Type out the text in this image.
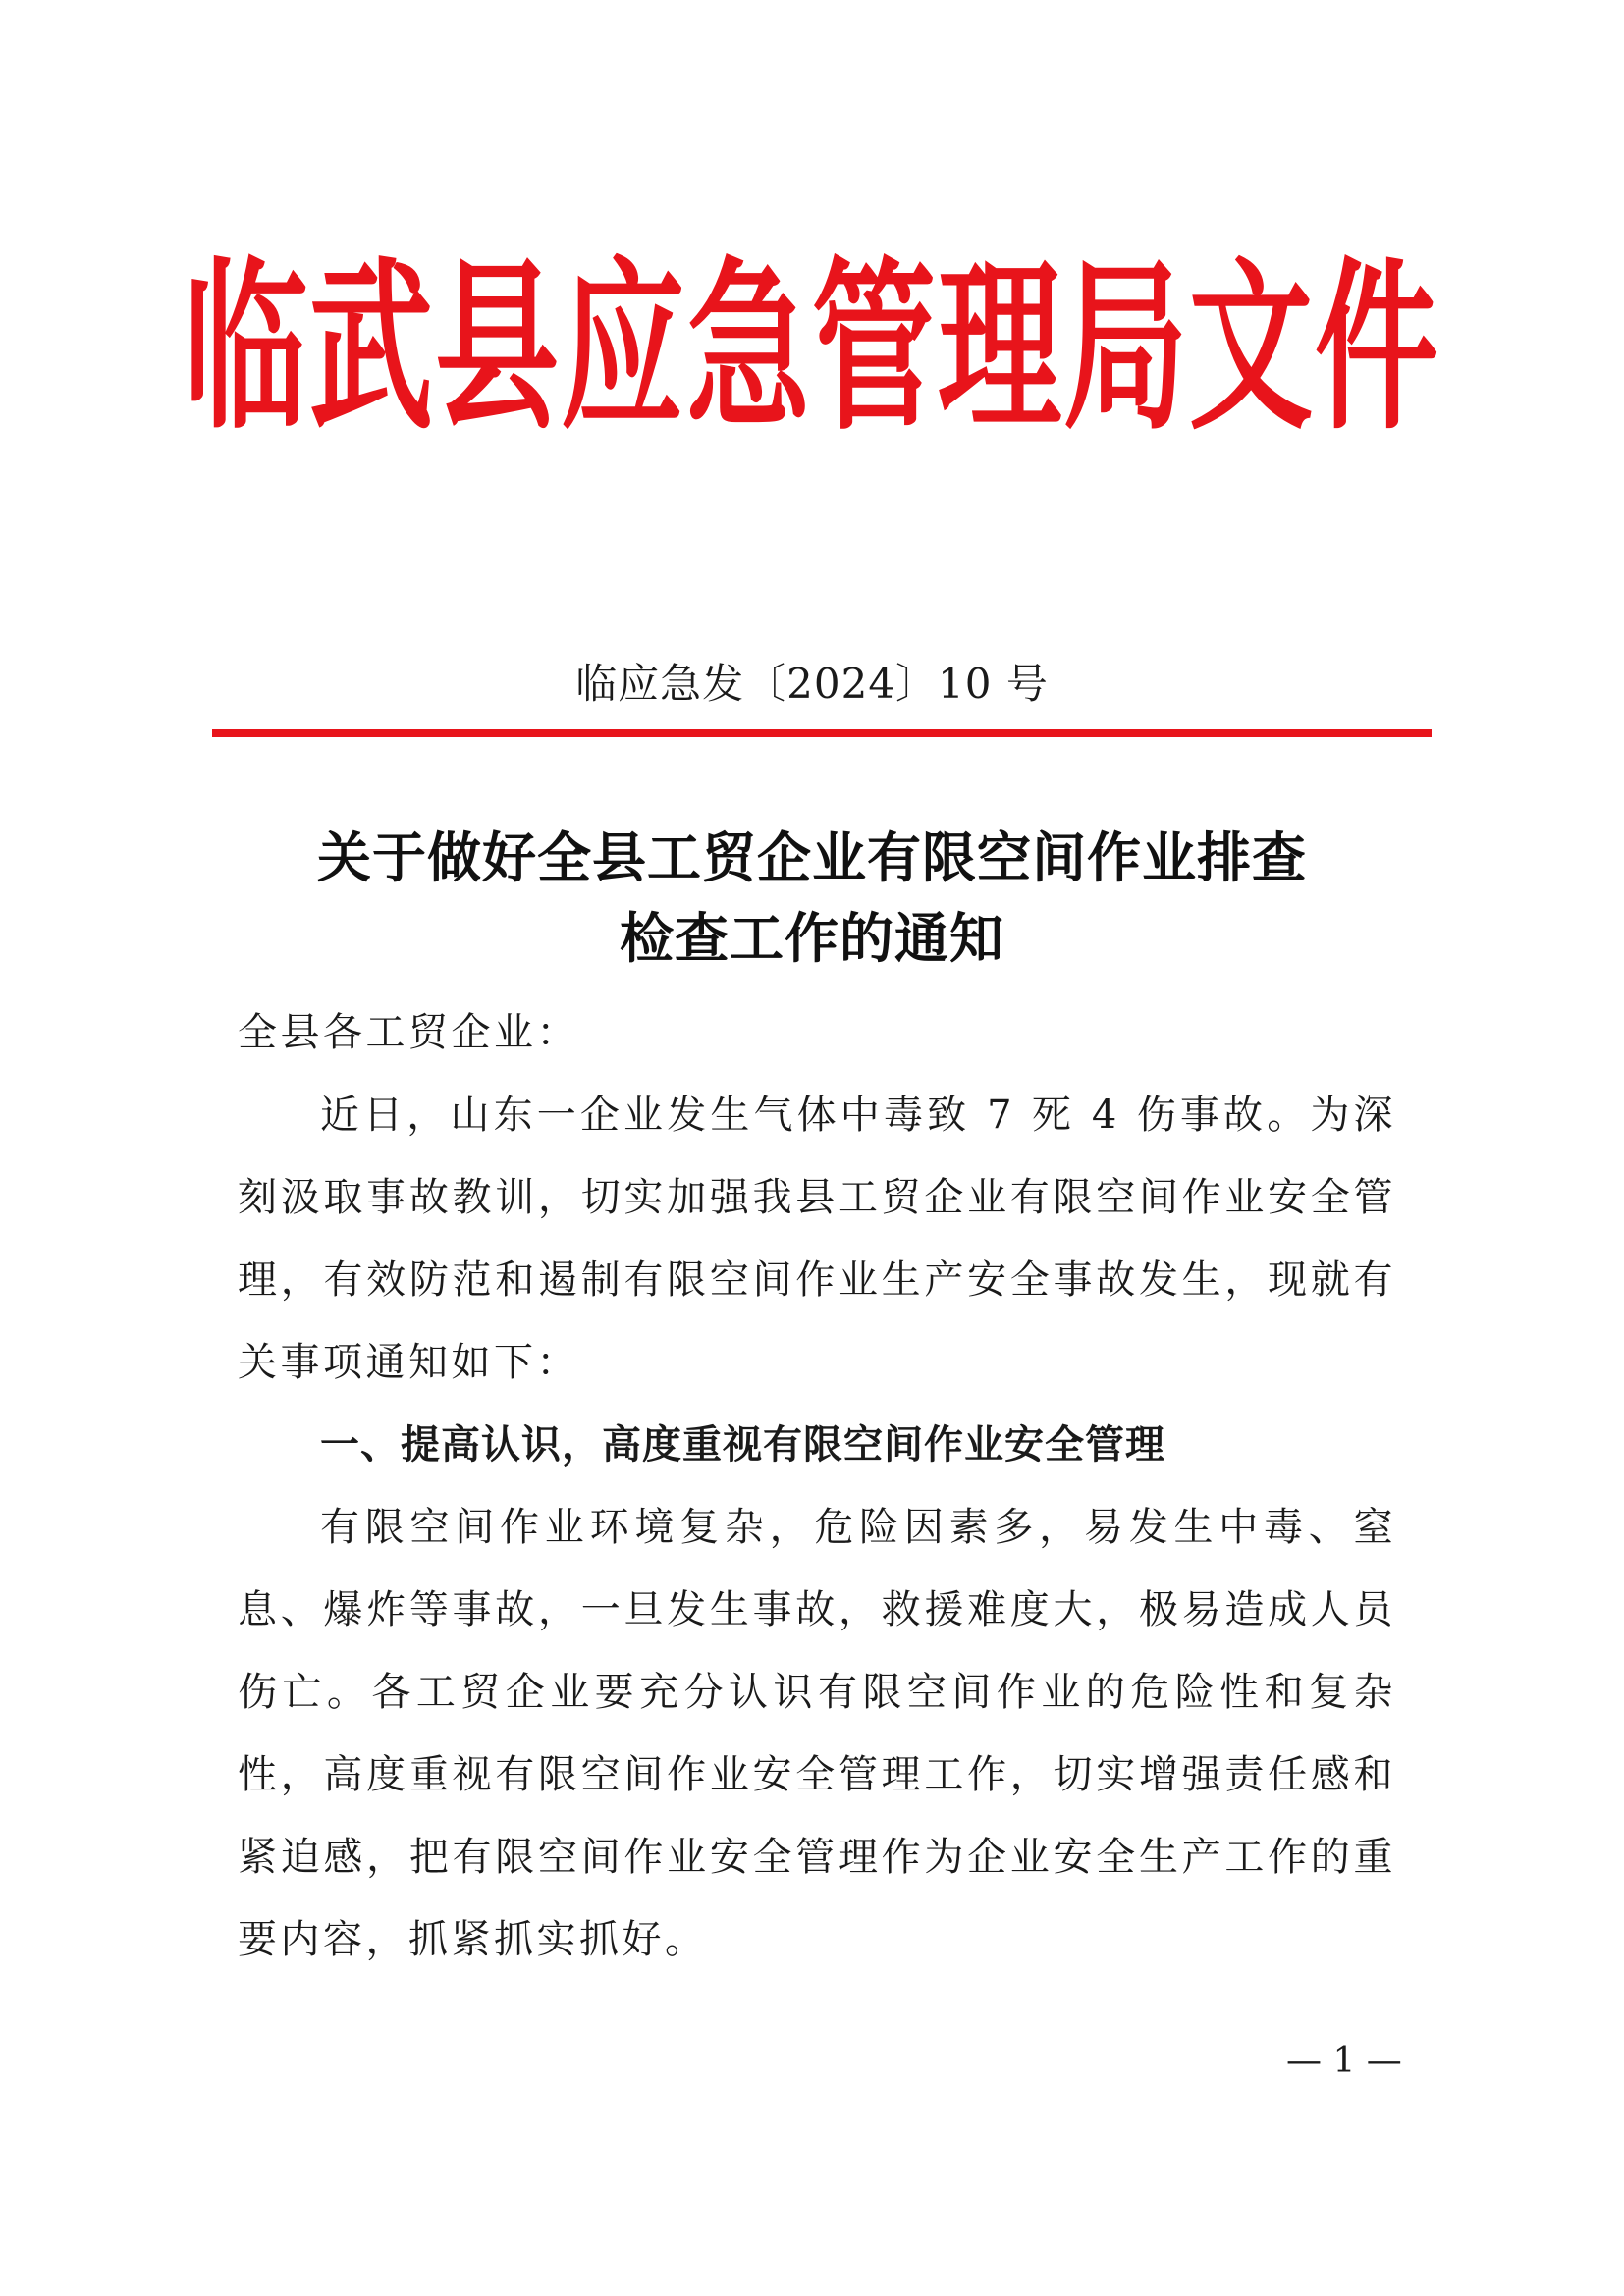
临武县应急管理局文件
临应急发〔2024〕10 号
关于做好全县工贸企业有限空间作业排查
检查工作的通知

全县各工贸企业：

近日，山东一企业发生气体中毒致 7 死 4 伤事故。为深刻汲取事故教训，切实加强我县工贸企业有限空间作业安全管理，有效防范和遏制有限空间作业生产安全事故发生，现就有关事项通知如下：

一、提高认识，高度重视有限空间作业安全管理

有限空间作业环境复杂，危险因素多，易发生中毒、窒息、爆炸等事故，一旦发生事故，救援难度大，极易造成人员伤亡。各工贸企业要充分认识有限空间作业的危险性和复杂性，高度重视有限空间作业安全管理工作，切实增强责任感和紧迫感，把有限空间作业安全管理作为企业安全生产工作的重要内容，抓紧抓实抓好。

— 1 —
